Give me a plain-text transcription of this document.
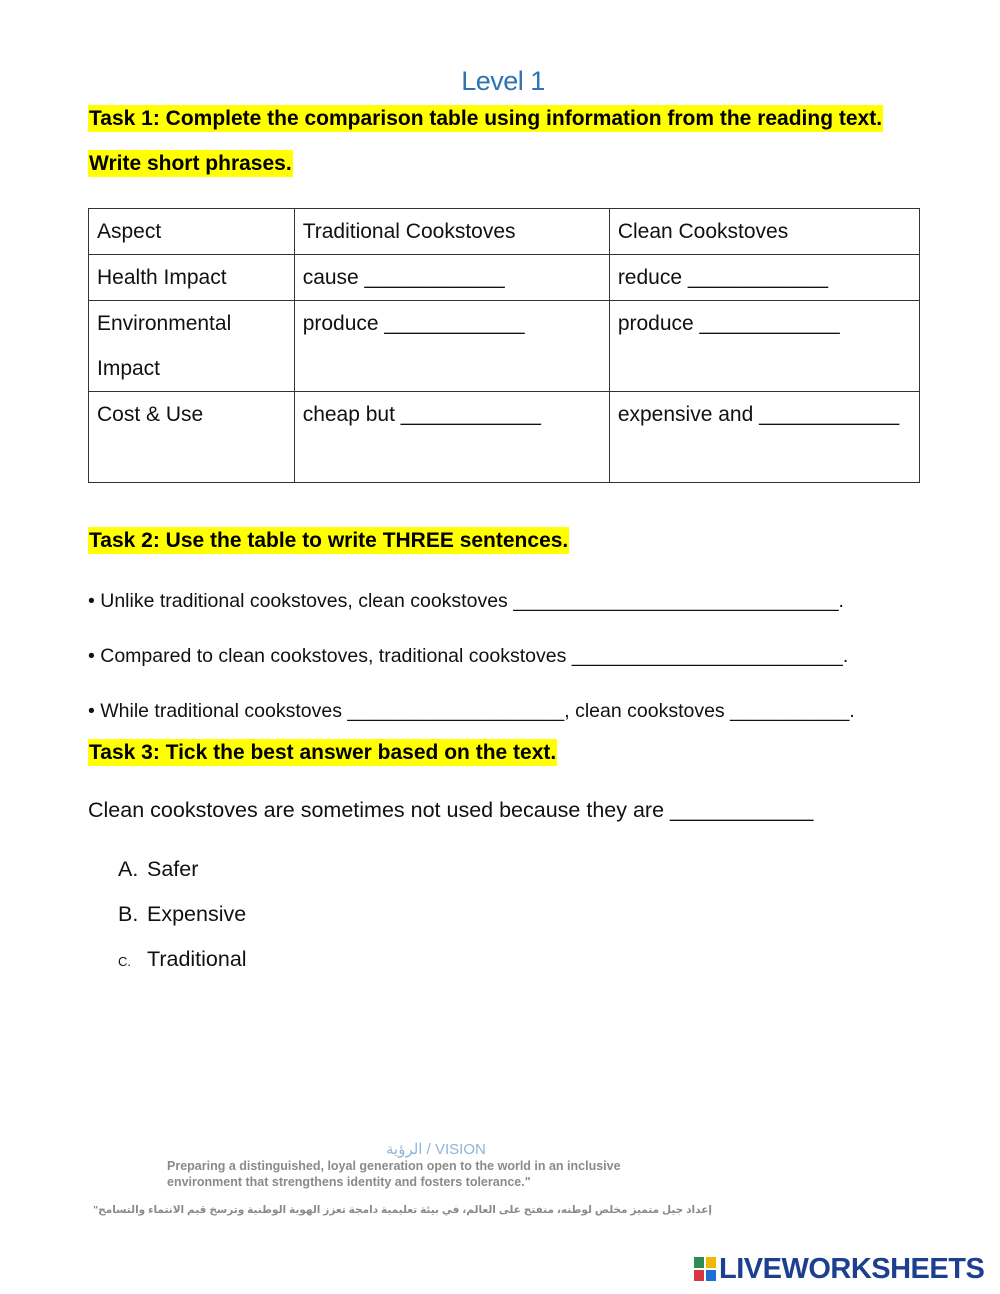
Level 1
Task 1: Complete the comparison table using information from the reading text.
Write short phrases.
Aspect	Traditional Cookstoves	Clean Cookstoves
Health Impact	cause ____________	reduce ____________
Environmental Impact	produce ____________	produce ____________
Cost & Use	cheap but ____________	expensive and ____________
Task 2: Use the table to write THREE sentences.
• Unlike traditional cookstoves, clean cookstoves ______________________________.
• Compared to clean cookstoves, traditional cookstoves _________________________.
• While traditional cookstoves ____________________, clean cookstoves ___________.
Task 3: Tick the best answer based on the text.
Clean cookstoves are sometimes not used because they are ____________
A. Safer
B. Expensive
C. Traditional
الرؤية / VISION
Preparing a distinguished, loyal generation open to the world in an inclusive environment that strengthens identity and fosters tolerance."
إعداد جيل متميز مخلص لوطنه، منفتح على العالم، في بيئة تعليمية دامجة تعزز الهوية الوطنية وترسخ قيم الانتماء والتسامح"
LIVEWORKSHEETS
